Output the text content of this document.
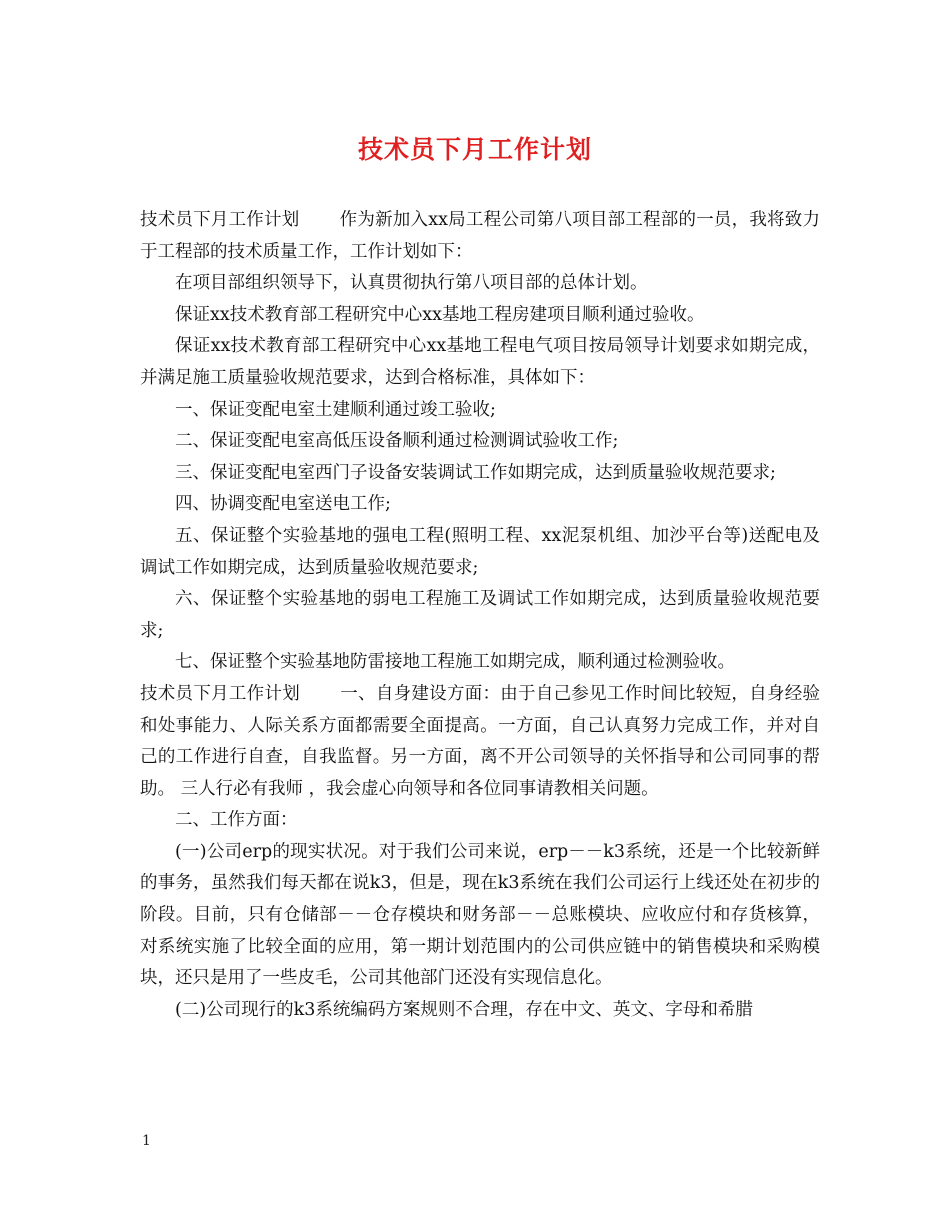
技术员下月工作计划

技术员下月工作计划 作为新加入xx局工程公司第八项目部工程部的一员，我将致力于工程部的技术质量工作，工作计划如下：

在项目部组织领导下，认真贯彻执行第八项目部的总体计划。

保证xx技术教育部工程研究中心xx基地工程房建项目顺利通过验收。

保证xx技术教育部工程研究中心xx基地工程电气项目按局领导计划要求如期完成，并满足施工质量验收规范要求，达到合格标准，具体如下：

一、保证变配电室土建顺利通过竣工验收;

二、保证变配电室高低压设备顺利通过检测调试验收工作;

三、保证变配电室西门子设备安装调试工作如期完成，达到质量验收规范要求;

四、协调变配电室送电工作;

五、保证整个实验基地的强电工程(照明工程、xx泥泵机组、加沙平台等)送配电及调试工作如期完成，达到质量验收规范要求;

六、保证整个实验基地的弱电工程施工及调试工作如期完成，达到质量验收规范要求;

七、保证整个实验基地防雷接地工程施工如期完成，顺利通过检测验收。

技术员下月工作计划 一、自身建设方面：由于自己参见工作时间比较短，自身经验和处事能力、人际关系方面都需要全面提高。一方面，自己认真努力完成工作，并对自己的工作进行自查，自我监督。另一方面，离不开公司领导的关怀指导和公司同事的帮助。 三人行必有我师 ，我会虚心向领导和各位同事请教相关问题。

二、工作方面：

(一)公司erp的现实状况。对于我们公司来说，erp－－k3系统，还是一个比较新鲜的事务，虽然我们每天都在说k3，但是，现在k3系统在我们公司运行上线还处在初步的阶段。目前，只有仓储部－－仓存模块和财务部－－总账模块、应收应付和存货核算，对系统实施了比较全面的应用，第一期计划范围内的公司供应链中的销售模块和采购模块，还只是用了一些皮毛，公司其他部门还没有实现信息化。

(二)公司现行的k3系统编码方案规则不合理，存在中文、英文、字母和希腊

1
